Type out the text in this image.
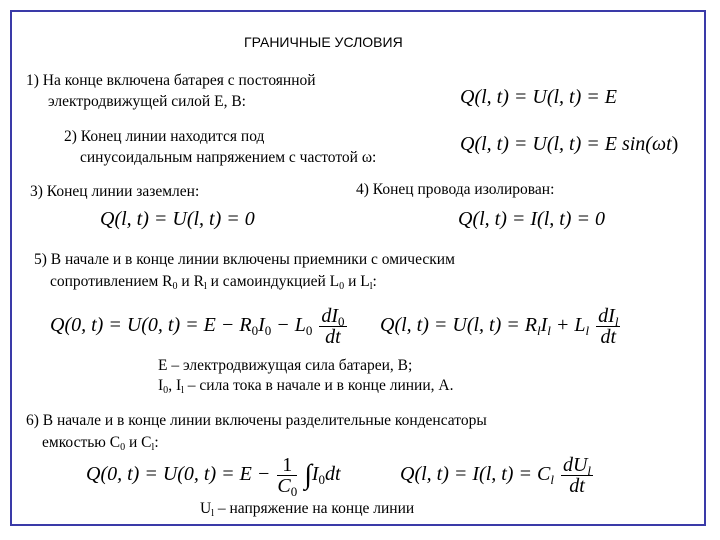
ГРАНИЧНЫЕ УСЛОВИЯ
1) На конце включена батарея с постоянной
электродвижущей силой E, В:	Q(l, t) = U(l, t) = E
2) Конец линии находится под
синусоидальным напряжением с частотой ω:
Q(l, t) = U(l, t) = E sin(ωt)
3) Конец линии заземлен:	4) Конец провода изолирован:
Q(l, t) = U(l, t) = 0	Q(l, t) = I(l, t) = 0
5) В начале и в конце линии включены приемники с омическим
сопротивлением $R_0$ и $R_l$ и самоиндукцией $L_0$ и $L_l$:
Q(0, t) = U(0, $t) = E - R_0I_0 - L_0 \frac{dI_0}{dt} Q(l$, t) = U(l, $t) = R_lI_l + L_l \frac{dI_l}{dt}$
E – электродвижущая сила батареи, В;
$I_0$, $I_l$ – сила тока в начале и в конце линии, А.
6) В начале и в конце линии включены разделительные конденсаторы
емкостью $C_0$ и $C_l$:
Q(0, t) = U(0, $t) = E - \frac{1}{C_0} \int I_0dt$	Q(l, t) = I(l, $t) = C_l \frac{dU_l}{dt}$
$U_l$ – напряжение на конце линии
